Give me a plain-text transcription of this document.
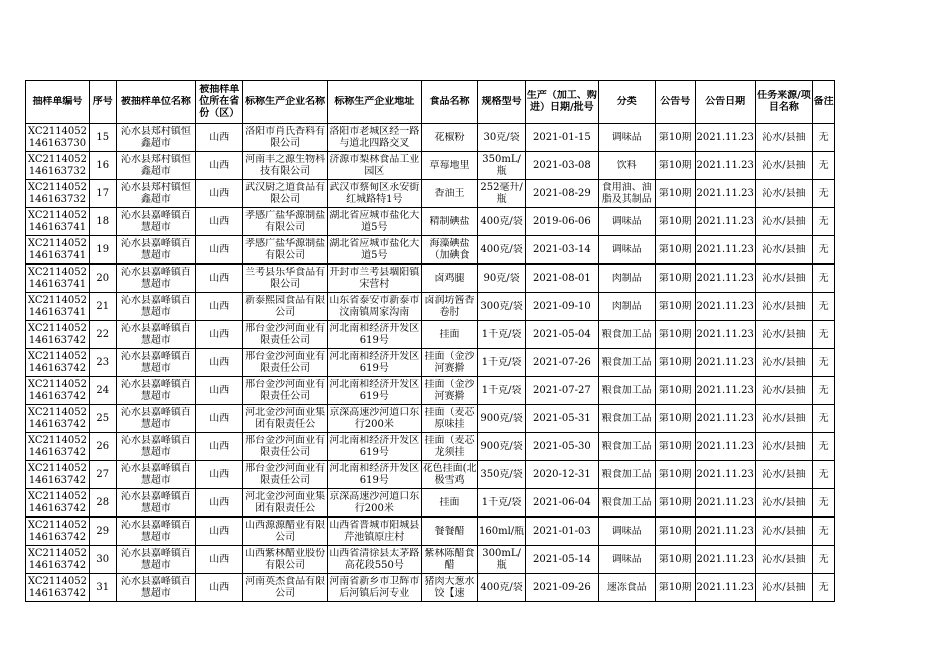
抽样单编号	序号	被抽样单位名称	被抽样单位所在省份（区）	标称生产企业名称	标称生产企业地址	食品名称	规格型号	生产（加工、购进）日期/批号	分类	公告号	公告日期	任务来源/项目名称	备注

XC2114052146163730	15	沁水县郑村镇恒鑫超市	山西	洛阳市肖氏香料有限公司	洛阳市老城区经一路与道北四路交叉	花椒粉	30克/袋	2021-01-15	调味品	第10期	2021.11.23	沁水/县抽	无

XC2114052146163732	16	沁水县郑村镇恒鑫超市	山西	河南丰之源生物科技有限公司	济源市梨林食品工业园区	草莓地里	350mL/瓶	2021-03-08	饮料	第10期	2021.11.23	沁水/县抽	无

XC2114052146163732	17	沁水县郑村镇恒鑫超市	山西	武汉厨之道食品有限公司	武汉市蔡甸区永安街红城路特1号	香油王	252毫升/瓶	2021-08-29	食用油、油脂及其制品	第10期	2021.11.23	沁水/县抽	无

XC2114052146163741	18	沁水县嘉峰镇百慧超市	山西	孝感广盐华源制盐有限公司	湖北省应城市盐化大道5号	精制碘盐	400克/袋	2019-06-06	调味品	第10期	2021.11.23	沁水/县抽	无

XC2114052146163741	19	沁水县嘉峰镇百慧超市	山西	孝感广盐华源制盐有限公司	湖北省应城市盐化大道5号	海藻碘盐（加碘食	400克/袋	2021-03-14	调味品	第10期	2021.11.23	沁水/县抽	无

XC2114052146163741	20	沁水县嘉峰镇百慧超市	山西	兰考县乐华食品有限公司	开封市兰考县堌阳镇宋营村	卤鸡腿	90克/袋	2021-08-01	肉制品	第10期	2021.11.23	沁水/县抽	无

XC2114052146163741	21	沁水县嘉峰镇百慧超市	山西	新泰熙园食品有限公司	山东省泰安市新泰市汶南镇周家沟南	卤润坊酱香卷肘	300克/袋	2021-09-10	肉制品	第10期	2021.11.23	沁水/县抽	无

XC2114052146163742	22	沁水县嘉峰镇百慧超市	山西	邢台金沙河面业有限责任公司	河北南和经济开发区619号	挂面	1千克/袋	2021-05-04	粮食加工品	第10期	2021.11.23	沁水/县抽	无

XC2114052146163742	23	沁水县嘉峰镇百慧超市	山西	邢台金沙河面业有限责任公司	河北南和经济开发区619号	挂面（金沙河赛擀	1千克/袋	2021-07-26	粮食加工品	第10期	2021.11.23	沁水/县抽	无

XC2114052146163742	24	沁水县嘉峰镇百慧超市	山西	邢台金沙河面业有限责任公司	河北南和经济开发区619号	挂面（金沙河赛擀	1千克/袋	2021-07-27	粮食加工品	第10期	2021.11.23	沁水/县抽	无

XC2114052146163742	25	沁水县嘉峰镇百慧超市	山西	河北金沙河面业集团有限责任公	京深高速沙河道口东行200米	挂面（麦芯原味挂	900克/袋	2021-05-31	粮食加工品	第10期	2021.11.23	沁水/县抽	无

XC2114052146163742	26	沁水县嘉峰镇百慧超市	山西	邢台金沙河面业有限责任公司	河北南和经济开发区619号	挂面（麦芯龙须挂	900克/袋	2021-05-30	粮食加工品	第10期	2021.11.23	沁水/县抽	无

XC2114052146163742	27	沁水县嘉峰镇百慧超市	山西	邢台金沙河面业有限责任公司	河北南和经济开发区619号	花色挂面(北极雪鸡	350克/袋	2020-12-31	粮食加工品	第10期	2021.11.23	沁水/县抽	无

XC2114052146163742	28	沁水县嘉峰镇百慧超市	山西	河北金沙河面业集团有限责任公	京深高速沙河道口东行200米	挂面	1千克/袋	2021-06-04	粮食加工品	第10期	2021.11.23	沁水/县抽	无

XC2114052146163742	29	沁水县嘉峰镇百慧超市	山西	山西源源醋业有限公司	山西省晋城市阳城县芹池镇原庄村	餐餐醋	160ml/瓶	2021-01-03	调味品	第10期	2021.11.23	沁水/县抽	无

XC2114052146163742	30	沁水县嘉峰镇百慧超市	山西	山西紫林醋业股份有限公司	山西省清徐县太茅路高花段550号	紫林陈醋食醋	300mL/瓶	2021-05-14	调味品	第10期	2021.11.23	沁水/县抽	无

XC2114052146163742	31	沁水县嘉峰镇百慧超市	山西	河南英杰食品有限公司	河南省新乡市卫辉市后河镇后河专业	猪肉大葱水饺【速	400克/袋	2021-09-26	速冻食品	第10期	2021.11.23	沁水/县抽	无
